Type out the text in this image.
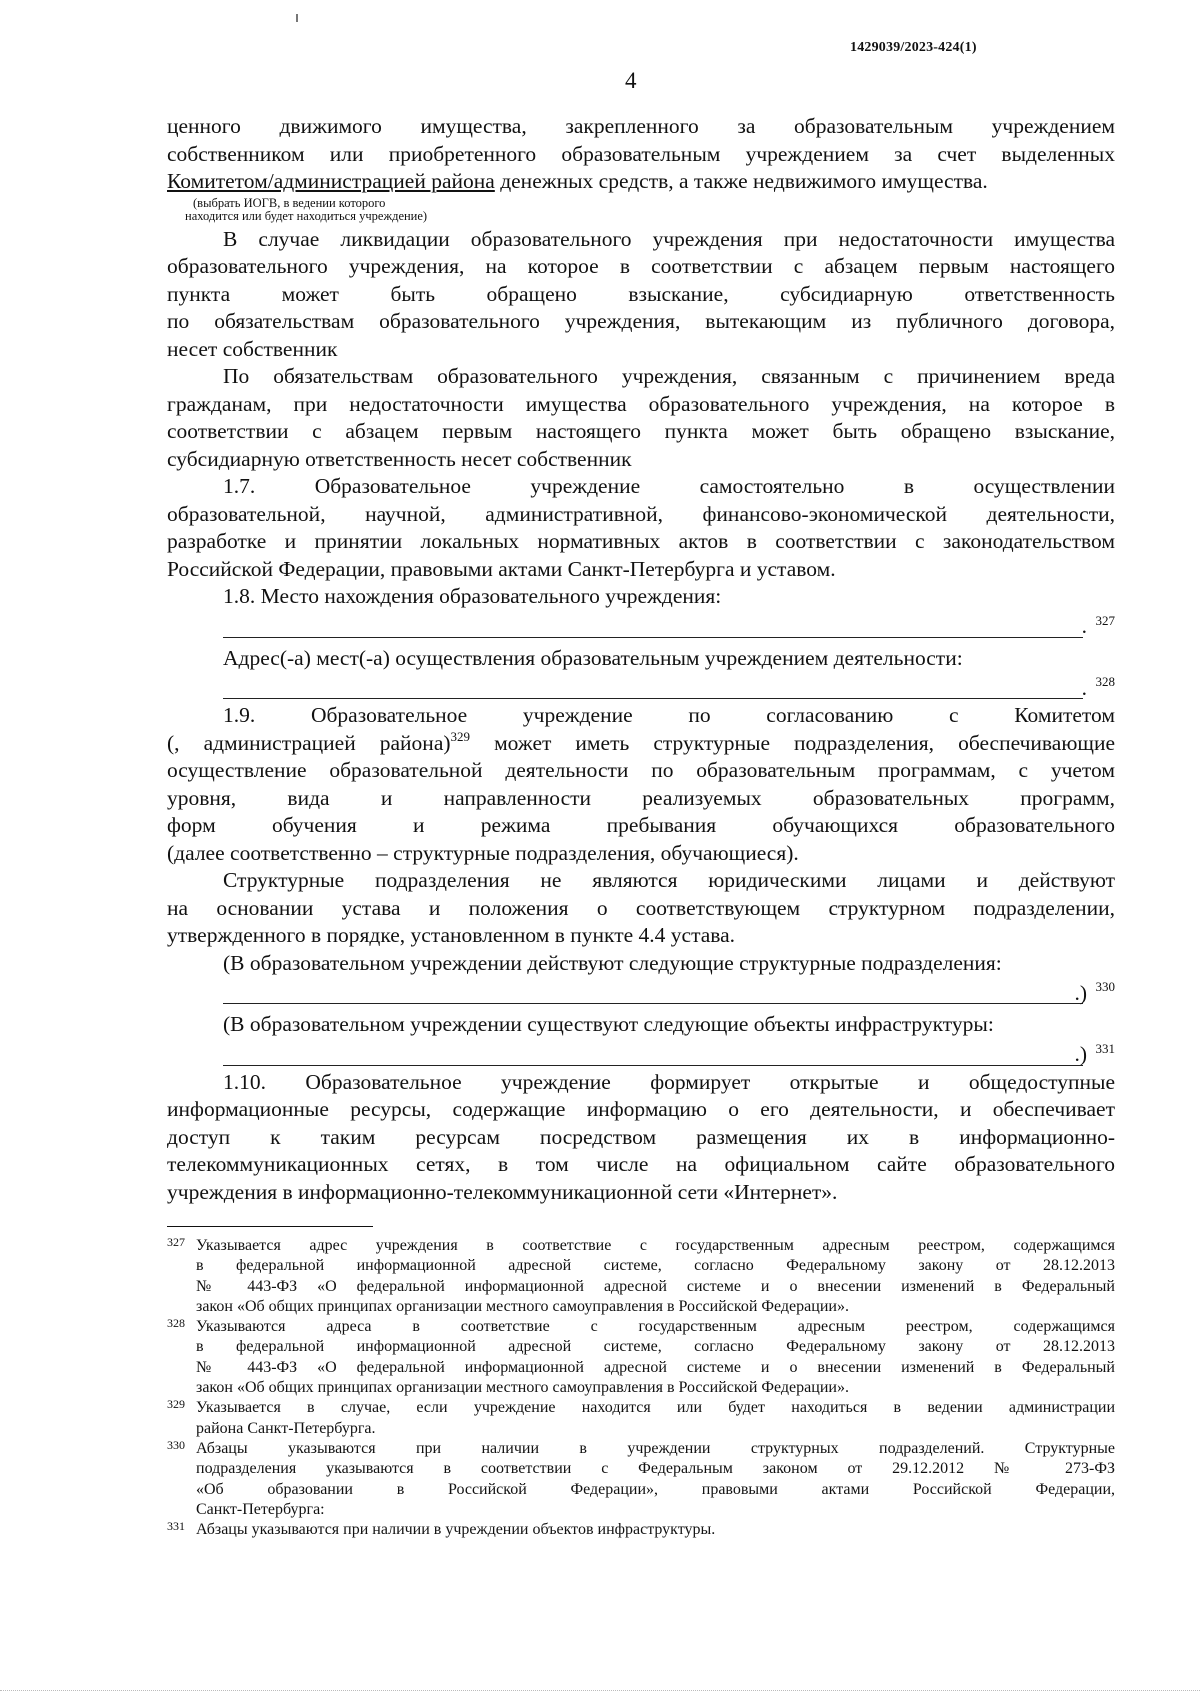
1429039/2023-424(1)
4

ценного движимого имущества, закрепленного за образовательным учреждением

собственником или приобретенного образовательным учреждением за счет выделенных

Комитетом/администрацией района денежных средств, а также недвижимого имущества.

(выбрать ИОГВ, в ведении которого
находится или будет находиться учреждение)

В случае ликвидации образовательного учреждения при недостаточности имущества

образовательного учреждения, на которое в соответствии с абзацем первым настоящего

пункта может быть обращено взыскание, субсидиарную ответственность

по обязательствам образовательного учреждения, вытекающим из публичного договора,

несет собственник

По обязательствам образовательного учреждения, связанным с причинением вреда

гражданам, при недостаточности имущества образовательного учреждения, на которое в

соответствии с абзацем первым настоящего пункта может быть обращено взыскание,

субсидиарную ответственность несет собственник

1.7. Образовательное учреждение самостоятельно в осуществлении

образовательной, научной, административной, финансово-экономической деятельности,

разработке и принятии локальных нормативных актов в соответствии с законодательством

Российской Федерации, правовыми актами Санкт-Петербурга и уставом.

1.8. Место нахождения образовательного учреждения:

. 327

Адрес(-а) мест(-а) осуществления образовательным учреждением деятельности:

. 328

1.9. Образовательное учреждение по согласованию с Комитетом

(, администрацией района)$^{329}$ может иметь структурные подразделения, обеспечивающие

осуществление образовательной деятельности по образовательным программам, с учетом

уровня, вида и направленности реализуемых образовательных программ,

форм обучения и режима пребывания обучающихся образовательного

(далее соответственно – структурные подразделения, обучающиеся).

Структурные подразделения не являются юридическими лицами и действуют

на основании устава и положения о соответствующем структурном подразделении,

утвержденного в порядке, установленном в пункте 4.4 устава.

(В образовательном учреждении действуют следующие структурные подразделения:

.) 330

(В образовательном учреждении существуют следующие объекты инфраструктуры:

.) 331

1.10. Образовательное учреждение формирует открытые и общедоступные

информационные ресурсы, содержащие информацию о его деятельности, и обеспечивает

доступ к таким ресурсам посредством размещения их в информационно-

телекоммуникационных сетях, в том числе на официальном сайте образовательного

учреждения в информационно-телекоммуникационной сети «Интернет».

327 Указывается адрес учреждения в соответствие с государственным адресным реестром, содержащимся
в федеральной информационной адресной системе, согласно Федеральному закону от 28.12.2013
№ 443-ФЗ «О федеральной информационной адресной системе и о внесении изменений в Федеральный
закон «Об общих принципах организации местного самоуправления в Российской Федерации».
328 Указываются адреса в соответствие с государственным адресным реестром, содержащимся
в федеральной информационной адресной системе, согласно Федеральному закону от 28.12.2013
№ 443-ФЗ «О федеральной информационной адресной системе и о внесении изменений в Федеральный
закон «Об общих принципах организации местного самоуправления в Российской Федерации».
329 Указывается в случае, если учреждение находится или будет находиться в ведении администрации
района Санкт-Петербурга.
330 Абзацы указываются при наличии в учреждении структурных подразделений. Структурные
подразделения указываются в соответствии с Федеральным законом от 29.12.2012 № 273-ФЗ
«Об образовании в Российской Федерации», правовыми актами Российской Федерации,
Санкт-Петербурга:
331 Абзацы указываются при наличии в учреждении объектов инфраструктуры.
